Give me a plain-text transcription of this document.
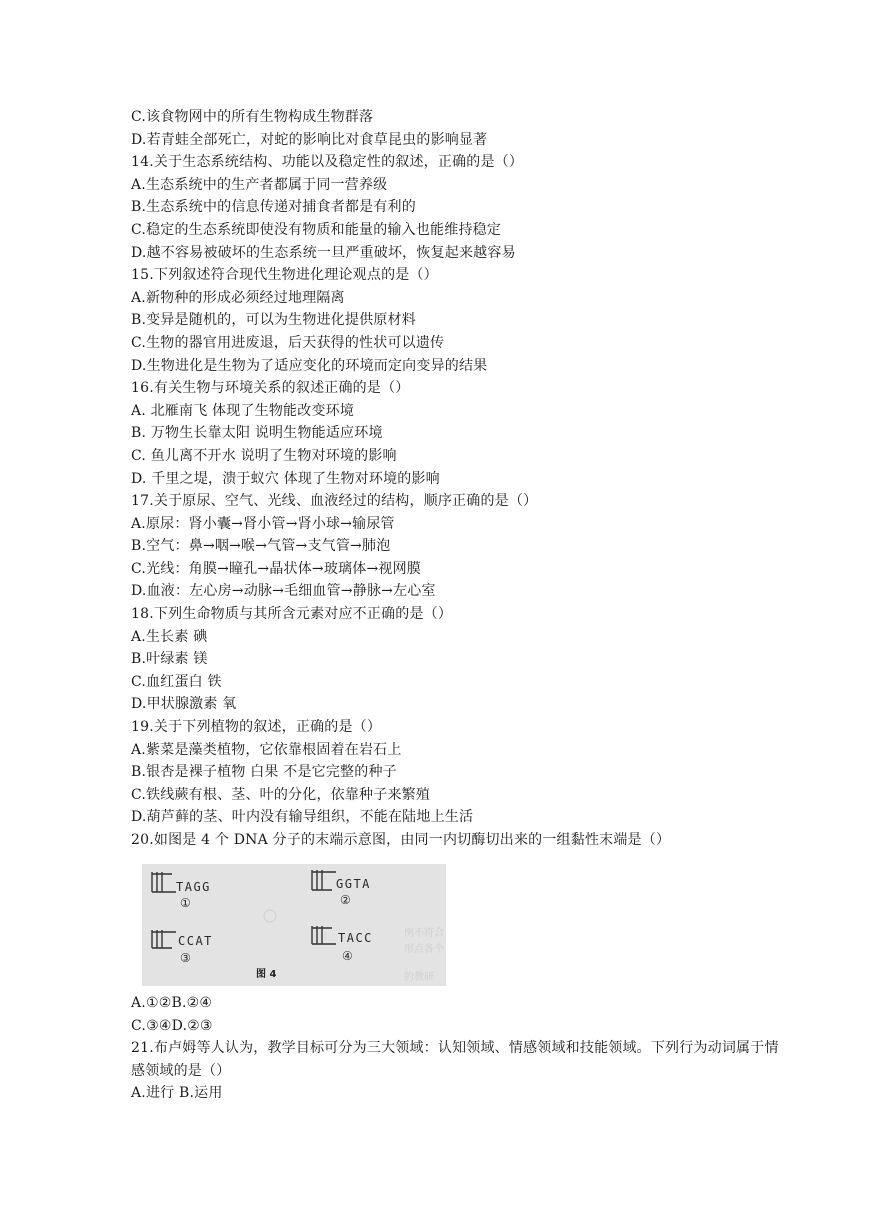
C.该食物网中的所有生物构成生物群落
D.若青蛙全部死亡，对蛇的影响比对食草昆虫的影响显著
14.关于生态系统结构、功能以及稳定性的叙述，正确的是（）
A.生态系统中的生产者都属于同一营养级
B.生态系统中的信息传递对捕食者都是有利的
C.稳定的生态系统即使没有物质和能量的输入也能维持稳定
D.越不容易被破坏的生态系统一旦严重破坏，恢复起来越容易
15.下列叙述符合现代生物进化理论观点的是（）
A.新物种的形成必须经过地理隔离
B.变异是随机的，可以为生物进化提供原材料
C.生物的器官用进废退，后天获得的性状可以遗传
D.生物进化是生物为了适应变化的环境而定向变异的结果
16.有关生物与环境关系的叙述正确的是（）
A. 北雁南飞 体现了生物能改变环境
B. 万物生长靠太阳 说明生物能适应环境
C. 鱼儿离不开水 说明了生物对环境的影响
D. 千里之堤，溃于蚁穴 体现了生物对环境的影响
17.关于原尿、空气、光线、血液经过的结构，顺序正确的是（）
A.原尿：肾小囊→肾小管→肾小球→输尿管
B.空气：鼻→咽→喉→气管→支气管→肺泡
C.光线：角膜→瞳孔→晶状体→玻璃体→视网膜
D.血液：左心房→动脉→毛细血管→静脉→左心室
18.下列生命物质与其所含元素对应不正确的是（）
A.生长素 碘
B.叶绿素 镁
C.血红蛋白 铁
D.甲状腺激素 氧
19.关于下列植物的叙述，正确的是（）
A.紫菜是藻类植物，它依靠根固着在岩石上
B.银杏是裸子植物 白果 不是它完整的种子
C.铁线蕨有根、茎、叶的分化，依靠种子来繁殖
D.葫芦藓的茎、叶内没有输导组织，不能在陆地上生活
20.如图是 4 个 DNA 分子的末端示意图，由同一内切酶切出来的一组黏性末端是（）
例不符合
形点各个
的教研
TAGG
①
GGTA
②
CCAT
③
TACC
④
图 4
A.①②B.②④
C.③④D.②③
21.布卢姆等人认为，教学目标可分为三大领域：认知领域、情感领域和技能领域。下列行为动词属于情感领域的是（）
A.进行 B.运用
